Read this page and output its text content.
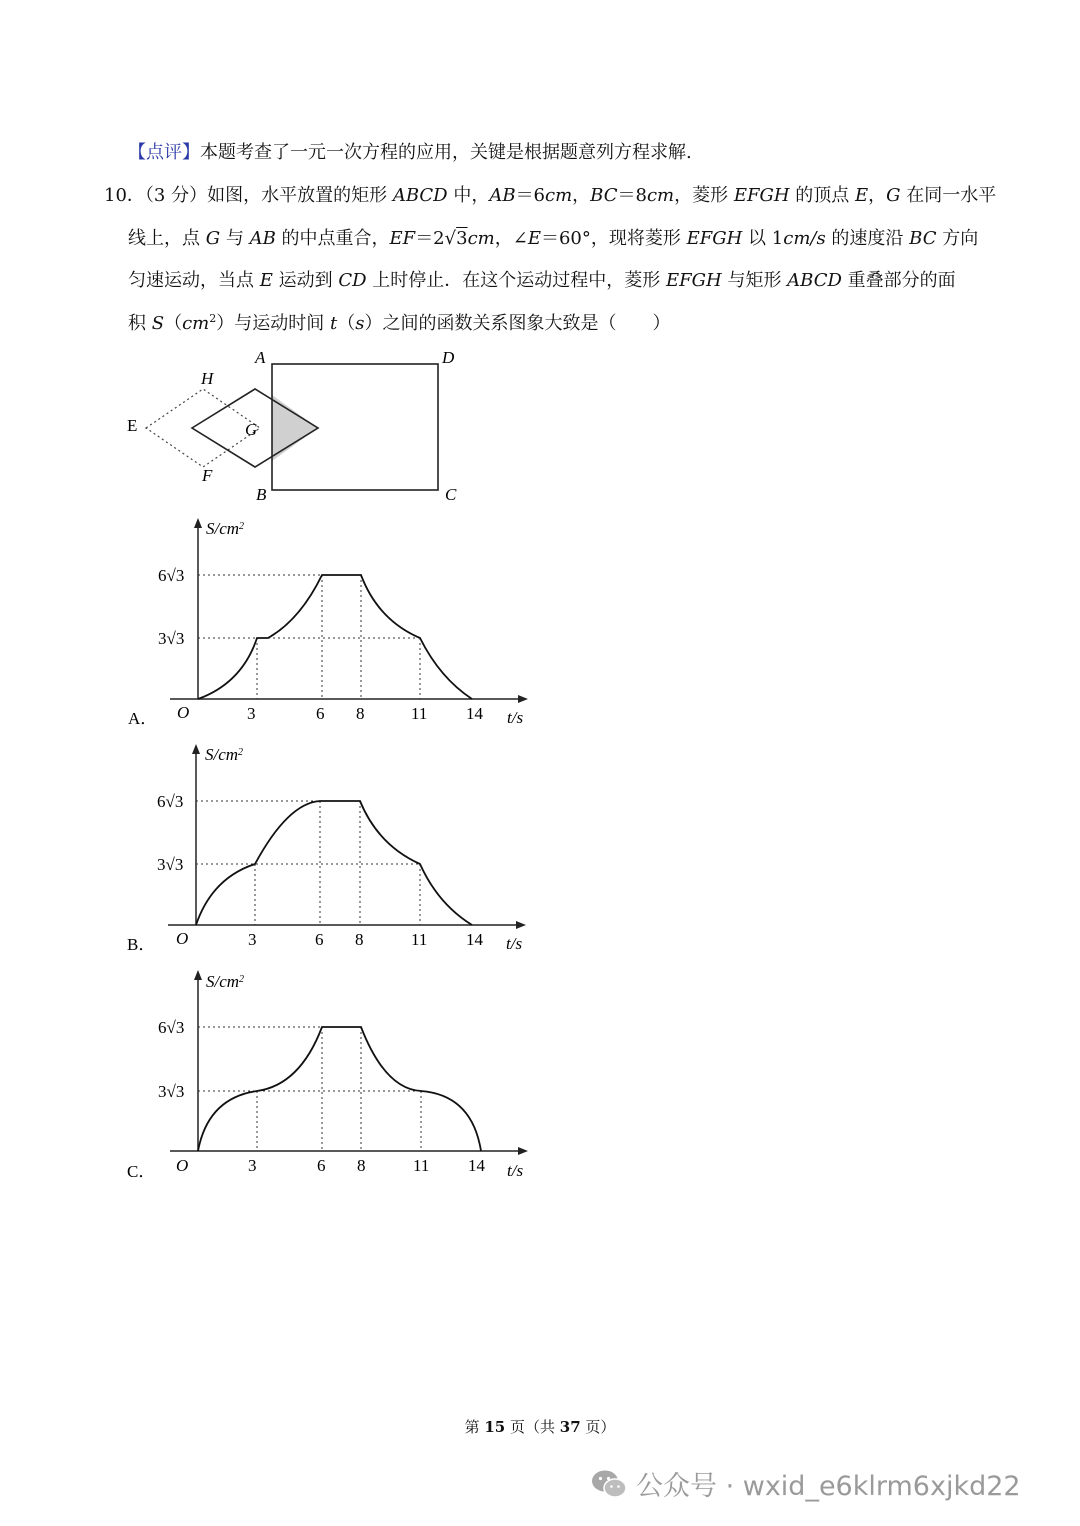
【点评】本题考查了一元一次方程的应用，关键是根据题意列方程求解.
10．（3 分）如图，水平放置的矩形 ABCD 中，AB＝6cm，BC＝8cm，菱形 EFGH 的顶点 E，G 在同一水平
线上，点 G 与 AB 的中点重合，EF＝2√3cm，∠E＝60°，现将菱形 EFGH 以 1cm/s 的速度沿 BC 方向
匀速运动，当点 E 运动到 CD 上时停止．在这个运动过程中，菱形 EFGH 与矩形 ABCD 重叠部分的面
积 $S(cm^2)$与运动时间 t（s）之间的函数关系图象大致是（　　）
A	D
B	C
E
H
F
G
$S/cm^2$
6√3
3√3
O	3	6 8	11 14 t/s
A．
$S/cm^2$
6√3
3√3
O	3	6 8	11 14 t/s
B．
$S/cm^2$
6√3
3√3
O	3	6 8	11 14 t/s
C．
第 15 页（共 37 页）
公众号 · wxid_e6klrm6xjkd22
